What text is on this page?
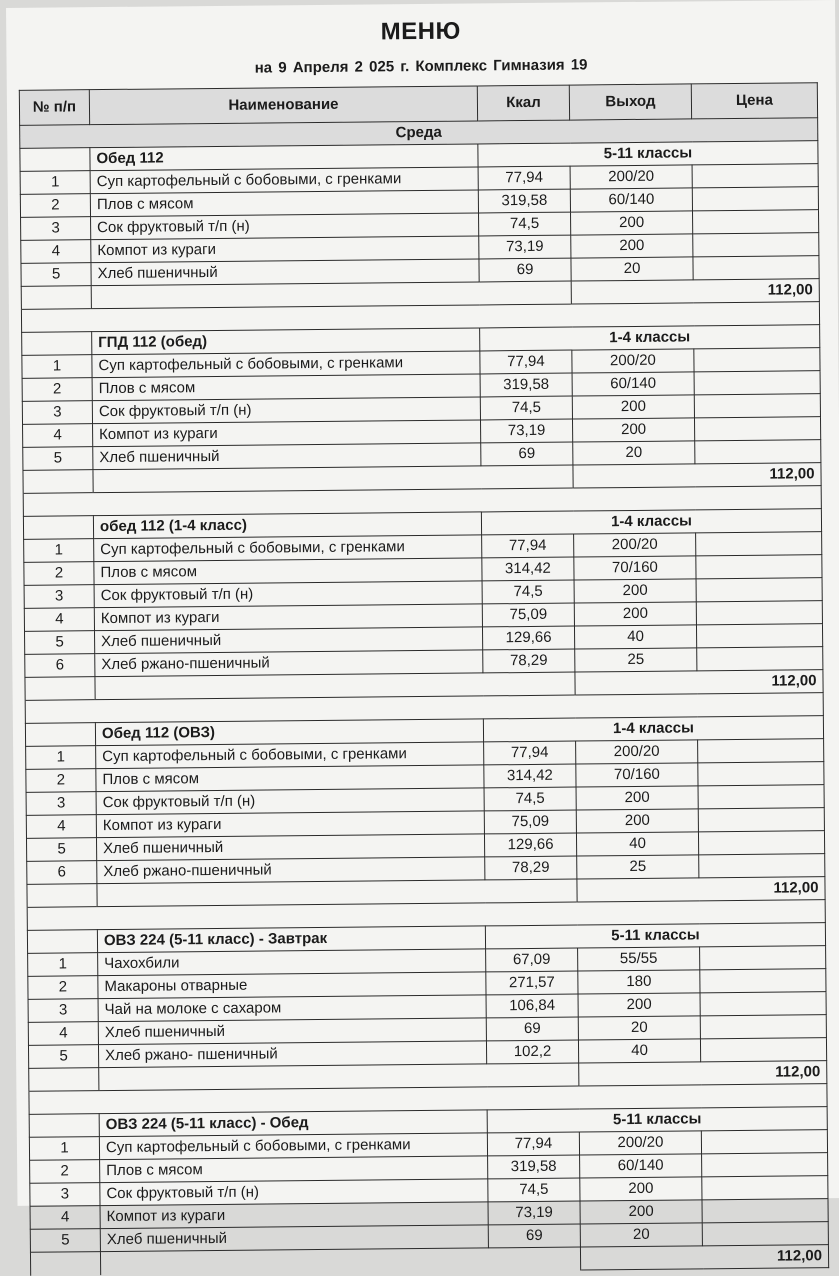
МЕНЮ
на 9 Апреля 2 025 г. Комплекс Гимназия 19
№ п/п	Наименование	Ккал	Выход	Цена
Среда				
	Обед 112	5-11 классы		
1	Суп картофельный с бобовыми, с гренками	77,94	200/20	
2	Плов с мясом	319,58	60/140	
3	Сок фруктовый т/п (н)	74,5	200	
4	Компот из кураги	73,19	200	
5	Хлеб пшеничный	69	20	
			112,00	

	ГПД 112 (обед)	1-4 классы		
1	Суп картофельный с бобовыми, с гренками	77,94	200/20	
2	Плов с мясом	319,58	60/140	
3	Сок фруктовый т/п (н)	74,5	200	
4	Компот из кураги	73,19	200	
5	Хлеб пшеничный	69	20	
			112,00	

	обед 112 (1-4 класс)	1-4 классы		
1	Суп картофельный с бобовыми, с гренками	77,94	200/20	
2	Плов с мясом	314,42	70/160	
3	Сок фруктовый т/п (н)	74,5	200	
4	Компот из кураги	75,09	200	
5	Хлеб пшеничный	129,66	40	
6	Хлеб ржано-пшеничный	78,29	25	
			112,00	

	Обед 112 (ОВЗ)	1-4 классы		
1	Суп картофельный с бобовыми, с гренками	77,94	200/20	
2	Плов с мясом	314,42	70/160	
3	Сок фруктовый т/п (н)	74,5	200	
4	Компот из кураги	75,09	200	
5	Хлеб пшеничный	129,66	40	
6	Хлеб ржано-пшеничный	78,29	25	
			112,00	

	ОВЗ 224 (5-11 класс) - Завтрак	5-11 классы		
1	Чахохбили	67,09	55/55	
2	Макароны отварные	271,57	180	
3	Чай на молоке с сахаром	106,84	200	
4	Хлеб пшеничный	69	20	
5	Хлеб ржано- пшеничный	102,2	40	
			112,00	

	ОВЗ 224 (5-11 класс) - Обед	5-11 классы		
1	Суп картофельный с бобовыми, с гренками	77,94	200/20	
2	Плов с мясом	319,58	60/140	
3	Сок фруктовый т/п (н)	74,5	200	
4	Компот из кураги	73,19	200	
5	Хлеб пшеничный	69	20	
			112,00	
